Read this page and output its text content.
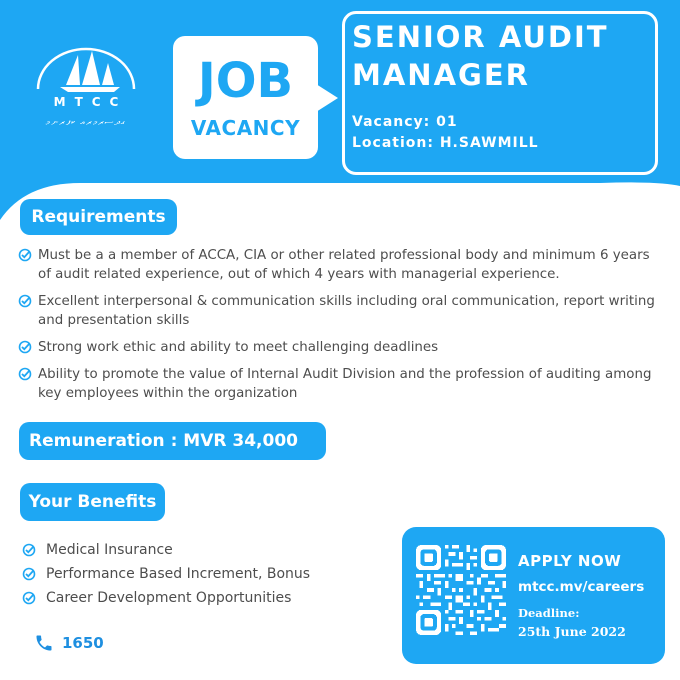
MTCC
ގދސރމރއ ކފރނމ
JOB
VACANCY
SENIOR AUDIT
MANAGER
Vacancy: 01
Location: H.SAWMILL
Requirements
Must be a a member of ACCA, CIA or other related professional body and minimum 6 years of audit related experience, out of which 4 years with managerial experience.
Excellent interpersonal & communication skills including oral communication, report writing and presentation skills
Strong work ethic and ability to meet challenging deadlines
Ability to promote the value of Internal Audit Division and the profession of auditing among key employees within the organization
Remuneration : MVR 34,000
Your Benefits
Medical Insurance
Performance Based Increment, Bonus
Career Development Opportunities
1650
APPLY NOW
mtcc.mv/careers
Deadline:
25th June 2022
